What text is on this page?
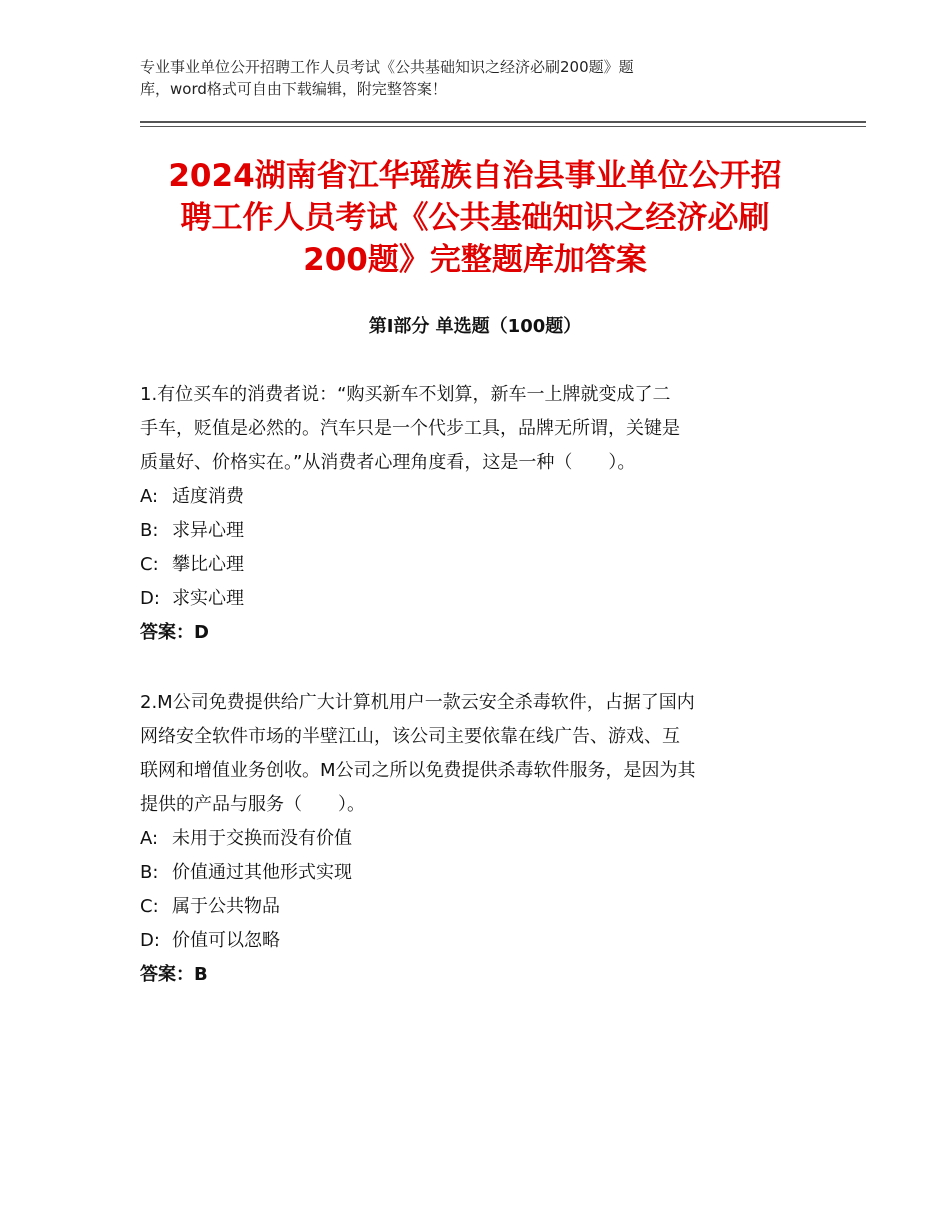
专业事业单位公开招聘工作人员考试《公共基础知识之经济必刷200题》题
库，word格式可自由下载编辑，附完整答案！
2024湖南省江华瑶族自治县事业单位公开招
聘工作人员考试《公共基础知识之经济必刷
200题》完整题库加答案
第Ⅰ部分 单选题（100题）
1.有位买车的消费者说：“购买新车不划算，新车一上牌就变成了二
手车，贬值是必然的。汽车只是一个代步工具，品牌无所谓，关键是
质量好、价格实在。”从消费者心理角度看，这是一种（　　）。
A: 适度消费
B: 求异心理
C: 攀比心理
D: 求实心理
答案：D
2.M公司免费提供给广大计算机用户一款云安全杀毒软件，占据了国内
网络安全软件市场的半壁江山，该公司主要依靠在线广告、游戏、互
联网和增值业务创收。M公司之所以免费提供杀毒软件服务，是因为其
提供的产品与服务（　　）。
A: 未用于交换而没有价值
B: 价值通过其他形式实现
C: 属于公共物品
D: 价值可以忽略
答案：B
